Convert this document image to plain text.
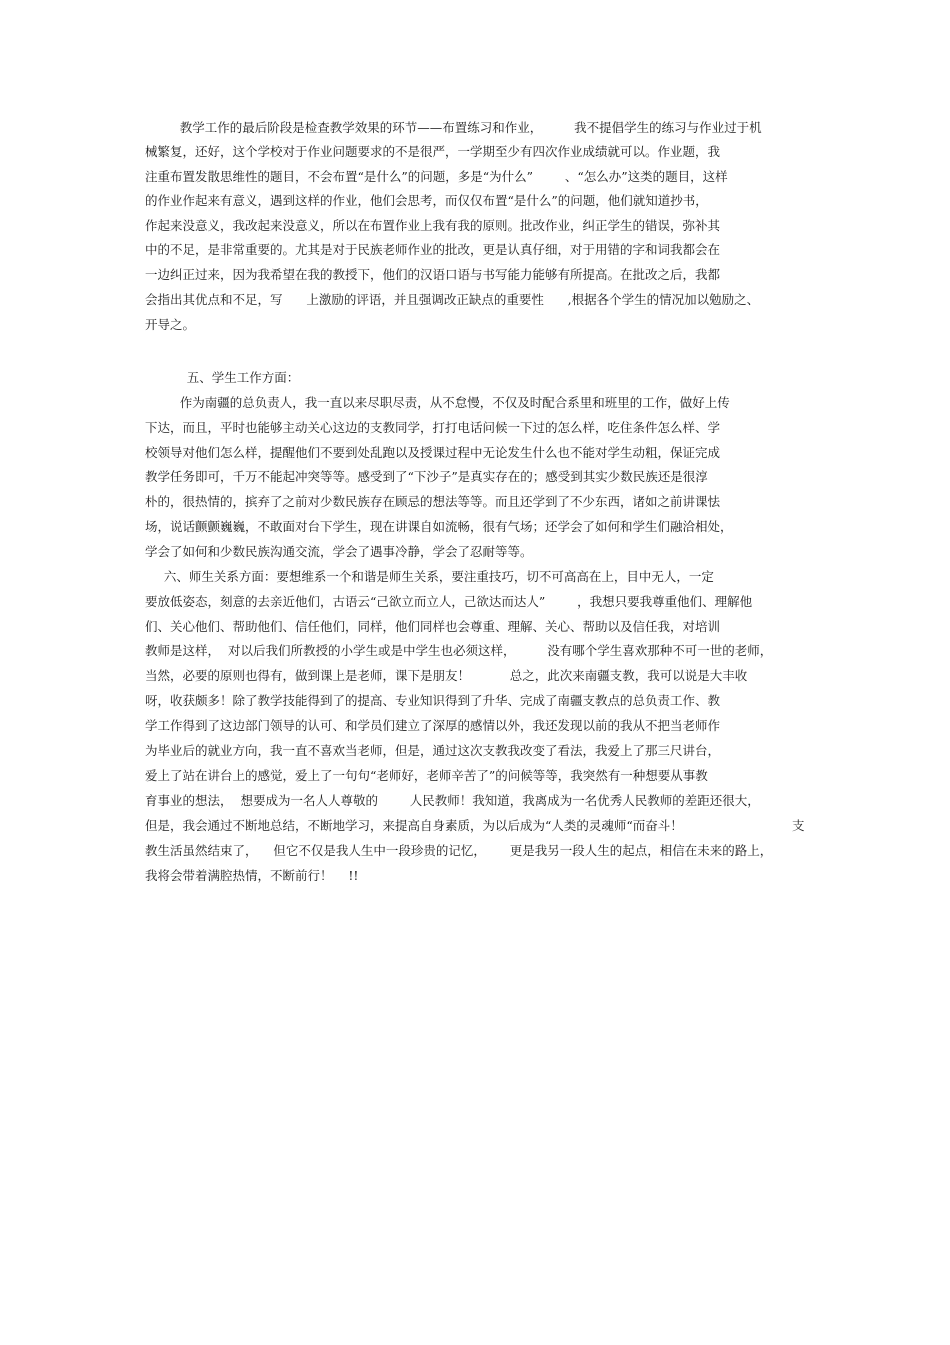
教学工作的最后阶段是检查教学效果的环节——布置练习和作业，        我不提倡学生的练习与作业过于机
械繁复，还好，这个学校对于作业问题要求的不是很严，一学期至少有四次作业成绩就可以。作业题，我
注重布置发散思维性的题目，不会布置“是什么”的问题，多是“为什么”        、“怎么办”这类的题目，这样
的作业作起来有意义，遇到这样的作业，他们会思考，而仅仅布置“是什么”的问题，他们就知道抄书，
作起来没意义，我改起来没意义，所以在布置作业上我有我的原则。批改作业，纠正学生的错误，弥补其
中的不足，是非常重要的。尤其是对于民族老师作业的批改，更是认真仔细，对于用错的字和词我都会在
一边纠正过来，因为我希望在我的教授下，他们的汉语口语与书写能力能够有所提高。在批改之后，我都
会指出其优点和不足，写      上激励的评语，并且强调改正缺点的重要性      ,根据各个学生的情况加以勉励之、
开导之。
五、学生工作方面：
作为南疆的总负责人，我一直以来尽职尽责，从不怠慢，不仅及时配合系里和班里的工作，做好上传
下达，而且，平时也能够主动关心这边的支教同学，打打电话问候一下过的怎么样，吃住条件怎么样、学
校领导对他们怎么样，提醒他们不要到处乱跑以及授课过程中无论发生什么也不能对学生动粗，保证完成
教学任务即可，千万不能起冲突等等。感受到了“下沙子”是真实存在的；感受到其实少数民族还是很淳
朴的，很热情的，摈弃了之前对少数民族存在顾忌的想法等等。而且还学到了不少东西，诸如之前讲课怯
场，说话颤颤巍巍，不敢面对台下学生，现在讲课自如流畅，很有气场；还学会了如何和学生们融洽相处，
学会了如何和少数民族沟通交流，学会了遇事冷静，学会了忍耐等等。
六、师生关系方面：要想维系一个和谐是师生关系，要注重技巧，切不可高高在上，目中无人，一定
要放低姿态，刻意的去亲近他们，古语云“己欲立而立人，己欲达而达人”        ，我想只要我尊重他们、理解他
们、关心他们、帮助他们、信任他们，同样，他们同样也会尊重、理解、关心、帮助以及信任我，对培训
教师是这样，  对以后我们所教授的小学生或是中学生也必须这样，        没有哪个学生喜欢那种不可一世的老师，
当然，必要的原则也得有，做到课上是老师，课下是朋友！          总之，此次来南疆支教，我可以说是大丰收
呀，收获颇多！除了教学技能得到了的提高、专业知识得到了升华、完成了南疆支教点的总负责工作、教
学工作得到了这边部门领导的认可、和学员们建立了深厚的感情以外，我还发现以前的我从不把当老师作
为毕业后的就业方向，我一直不喜欢当老师，但是，通过这次支教我改变了看法，我爱上了那三尺讲台，
爱上了站在讲台上的感觉，爱上了一句句“老师好，老师辛苦了”的问候等等，我突然有一种想要从事教
育事业的想法，  想要成为一名人人尊敬的        人民教师！我知道，我离成为一名优秀人民教师的差距还很大，
但是，我会通过不断地总结，不断地学习，来提高自身素质，为以后成为“人类的灵魂师“而奋斗！	支
教生活虽然结束了，    但它不仅是我人生中一段珍贵的记忆，      更是我另一段人生的起点，相信在未来的路上，
我将会带着满腔热情，不断前行！    !!
